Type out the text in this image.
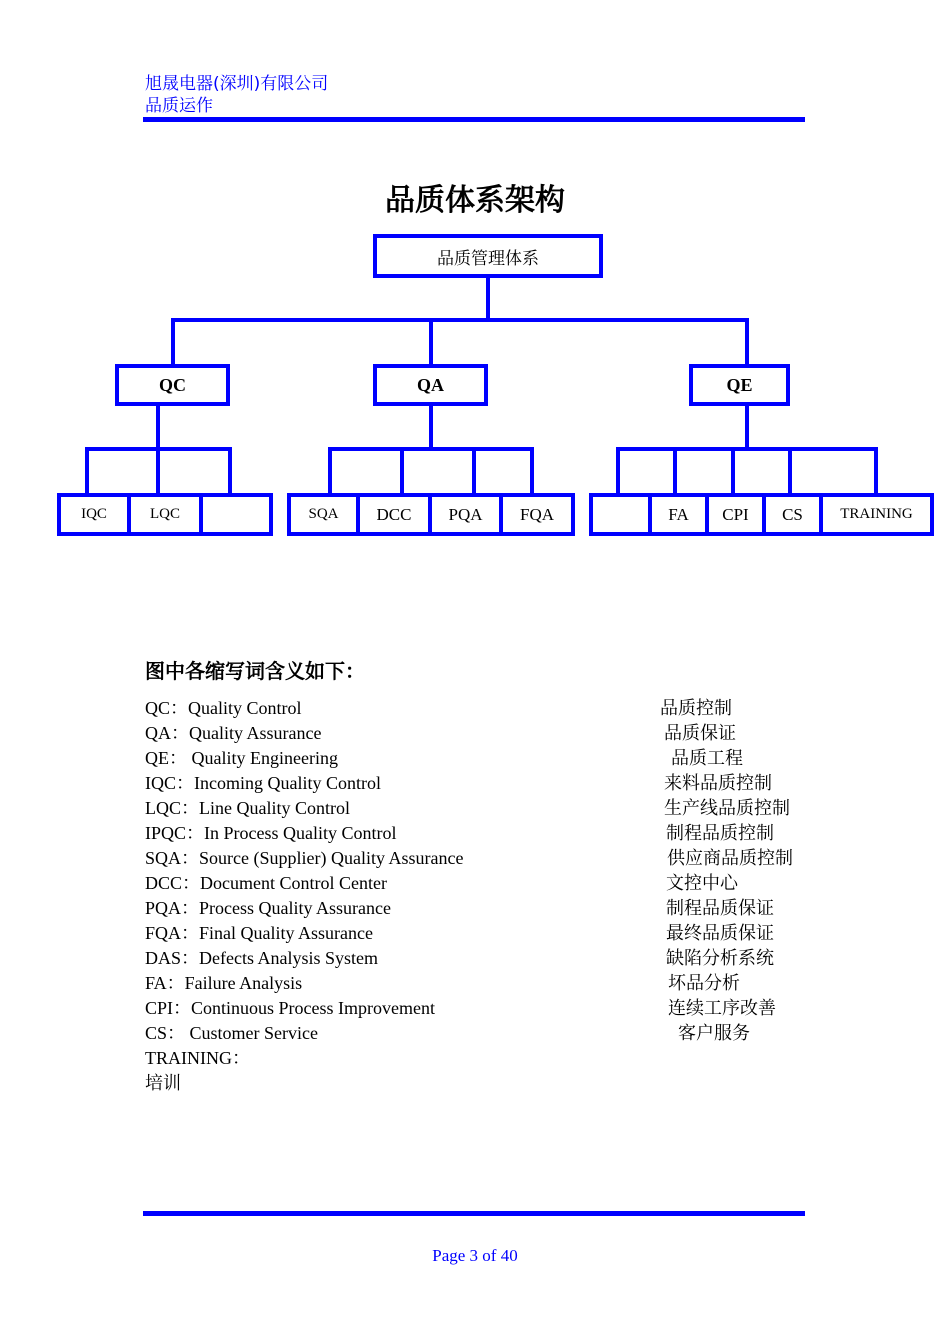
旭晟电器(深圳)有限公司
品质运作
品质体系架构
品质管理体系
QC	QA	QE
IQC	LQC	SQA	DCC	PQA	FQA	FA	CPI	CS	TRAINING
图中各缩写词含义如下：
QC：Quality Control	品质控制
QA：Quality Assurance	品质保证
QE： Quality Engineering	品质工程
IQC：Incoming Quality Control	来料品质控制
LQC：Line Quality Control	生产线品质控制
IPQC：In Process Quality Control	制程品质控制
SQA：Source (Supplier) Quality Assurance	供应商品质控制
DCC：Document Control Center	文控中心
PQA：Process Quality Assurance	制程品质保证
FQA：Final Quality Assurance	最终品质保证
DAS：Defects Analysis System	缺陷分析系统
FA：Failure Analysis	坏品分析
CPI：Continuous Process Improvement	连续工序改善
CS： Customer Service	客户服务
TRAINING：
培训
Page 3 of 40
